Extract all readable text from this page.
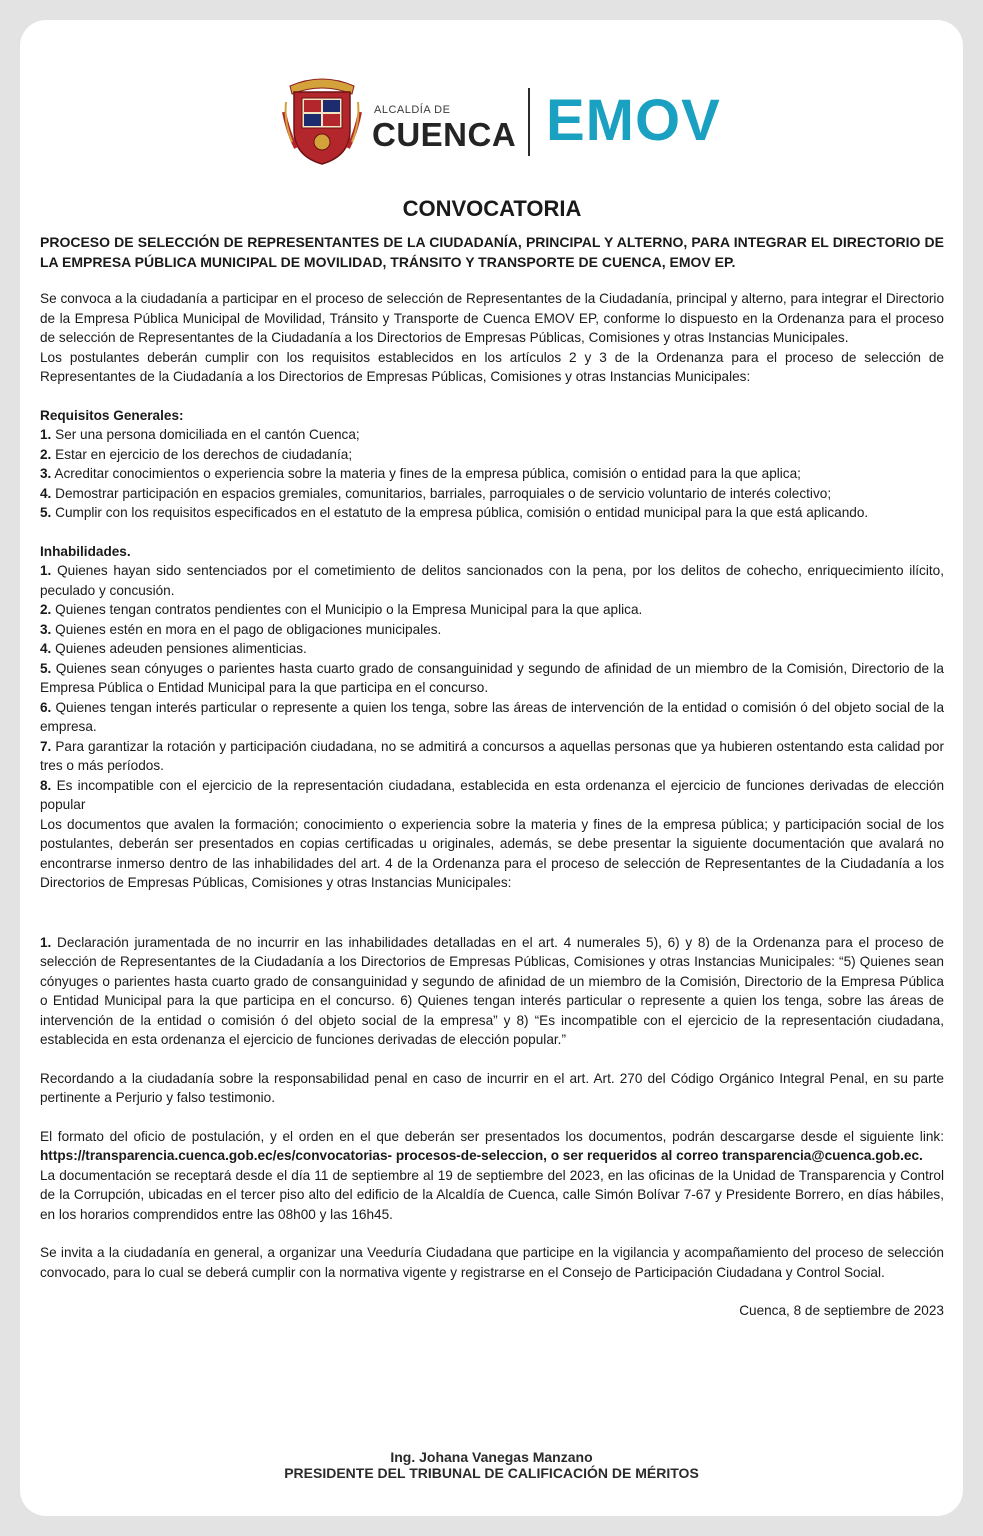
ALCALDÍA DE
CUENCA EMOV
CONVOCATORIA
PROCESO DE SELECCIÓN DE REPRESENTANTES DE LA CIUDADANÍA, PRINCIPAL Y ALTERNO, PARA INTEGRAR EL DIRECTORIO DE LA EMPRESA PÚBLICA MUNICIPAL DE MOVILIDAD, TRÁNSITO Y TRANSPORTE DE CUENCA, EMOV EP.

Se convoca a la ciudadanía a participar en el proceso de selección de Representantes de la Ciudadanía, principal y alterno, para integrar el Directorio de la Empresa Pública Municipal de Movilidad, Tránsito y Transporte de Cuenca EMOV EP, conforme lo dispuesto en la Ordenanza para el proceso de selección de Representantes de la Ciudadanía a los Directorios de Empresas Públicas, Comisiones y otras Instancias Municipales.

Los postulantes deberán cumplir con los requisitos establecidos en los artículos 2 y 3 de la Ordenanza para el proceso de selección de Representantes de la Ciudadanía a los Directorios de Empresas Públicas, Comisiones y otras Instancias Municipales:

Requisitos Generales:
1. Ser una persona domiciliada en el cantón Cuenca;
2. Estar en ejercicio de los derechos de ciudadanía;
3. Acreditar conocimientos o experiencia sobre la materia y fines de la empresa pública, comisión o entidad para la que aplica;
4. Demostrar participación en espacios gremiales, comunitarios, barriales, parroquiales o de servicio voluntario de interés colectivo;
5. Cumplir con los requisitos especificados en el estatuto de la empresa pública, comisión o entidad municipal para la que está aplicando.
Inhabilidades.
1. Quienes hayan sido sentenciados por el cometimiento de delitos sancionados con la pena, por los delitos de cohecho, enriquecimiento ilícito, peculado y concusión.
2. Quienes tengan contratos pendientes con el Municipio o la Empresa Municipal para la que aplica.
3. Quienes estén en mora en el pago de obligaciones municipales.
4. Quienes adeuden pensiones alimenticias.
5. Quienes sean cónyuges o parientes hasta cuarto grado de consanguinidad y segundo de afinidad de un miembro de la Comisión, Directorio de la Empresa Pública o Entidad Municipal para la que participa en el concurso.
6. Quienes tengan interés particular o represente a quien los tenga, sobre las áreas de intervención de la entidad o comisión ó del objeto social de la empresa.
7. Para garantizar la rotación y participación ciudadana, no se admitirá a concursos a aquellas personas que ya hubieren ostentando esta calidad por tres o más períodos.
8. Es incompatible con el ejercicio de la representación ciudadana, establecida en esta ordenanza el ejercicio de funciones derivadas de elección popular

Los documentos que avalen la formación; conocimiento o experiencia sobre la materia y fines de la empresa pública; y participación social de los postulantes, deberán ser presentados en copias certificadas u originales, además, se debe presentar la siguiente documentación que avalará no encontrarse inmerso dentro de las inhabilidades del art. 4 de la Ordenanza para el proceso de selección de Representantes de la Ciudadanía a los Directorios de Empresas Públicas, Comisiones y otras Instancias Municipales:

1. Declaración juramentada de no incurrir en las inhabilidades detalladas en el art. 4 numerales 5), 6) y 8) de la Ordenanza para el proceso de selección de Representantes de la Ciudadanía a los Directorios de Empresas Públicas, Comisiones y otras Instancias Municipales: “5) Quienes sean cónyuges o parientes hasta cuarto grado de consanguinidad y segundo de afinidad de un miembro de la Comisión, Directorio de la Empresa Pública o Entidad Municipal para la que participa en el concurso. 6) Quienes tengan interés particular o represente a quien los tenga, sobre las áreas de intervención de la entidad o comisión ó del objeto social de la empresa” y 8) “Es incompatible con el ejercicio de la representación ciudadana, establecida en esta ordenanza el ejercicio de funciones derivadas de elección popular.”

Recordando a la ciudadanía sobre la responsabilidad penal en caso de incurrir en el art. Art. 270 del Código Orgánico Integral Penal, en su parte pertinente a Perjurio y falso testimonio.

El formato del oficio de postulación, y el orden en el que deberán ser presentados los documentos, podrán descargarse desde el siguiente link: https://transparencia.cuenca.gob.ec/es/convocatorias- procesos-de-seleccion, o ser requeridos al correo transparencia@cuenca.gob.ec.

La documentación se receptará desde el día 11 de septiembre al 19 de septiembre del 2023, en las oficinas de la Unidad de Transparencia y Control de la Corrupción, ubicadas en el tercer piso alto del edificio de la Alcaldía de Cuenca, calle Simón Bolívar 7-67 y Presidente Borrero, en días hábiles, en los horarios comprendidos entre las 08h00 y las 16h45.

Se invita a la ciudadanía en general, a organizar una Veeduría Ciudadana que participe en la vigilancia y acompañamiento del proceso de selección convocado, para lo cual se deberá cumplir con la normativa vigente y registrarse en el Consejo de Participación Ciudadana y Control Social.

Cuenca, 8 de septiembre de 2023

Ing. Johana Vanegas Manzano
PRESIDENTE DEL TRIBUNAL DE CALIFICACIÓN DE MÉRITOS
